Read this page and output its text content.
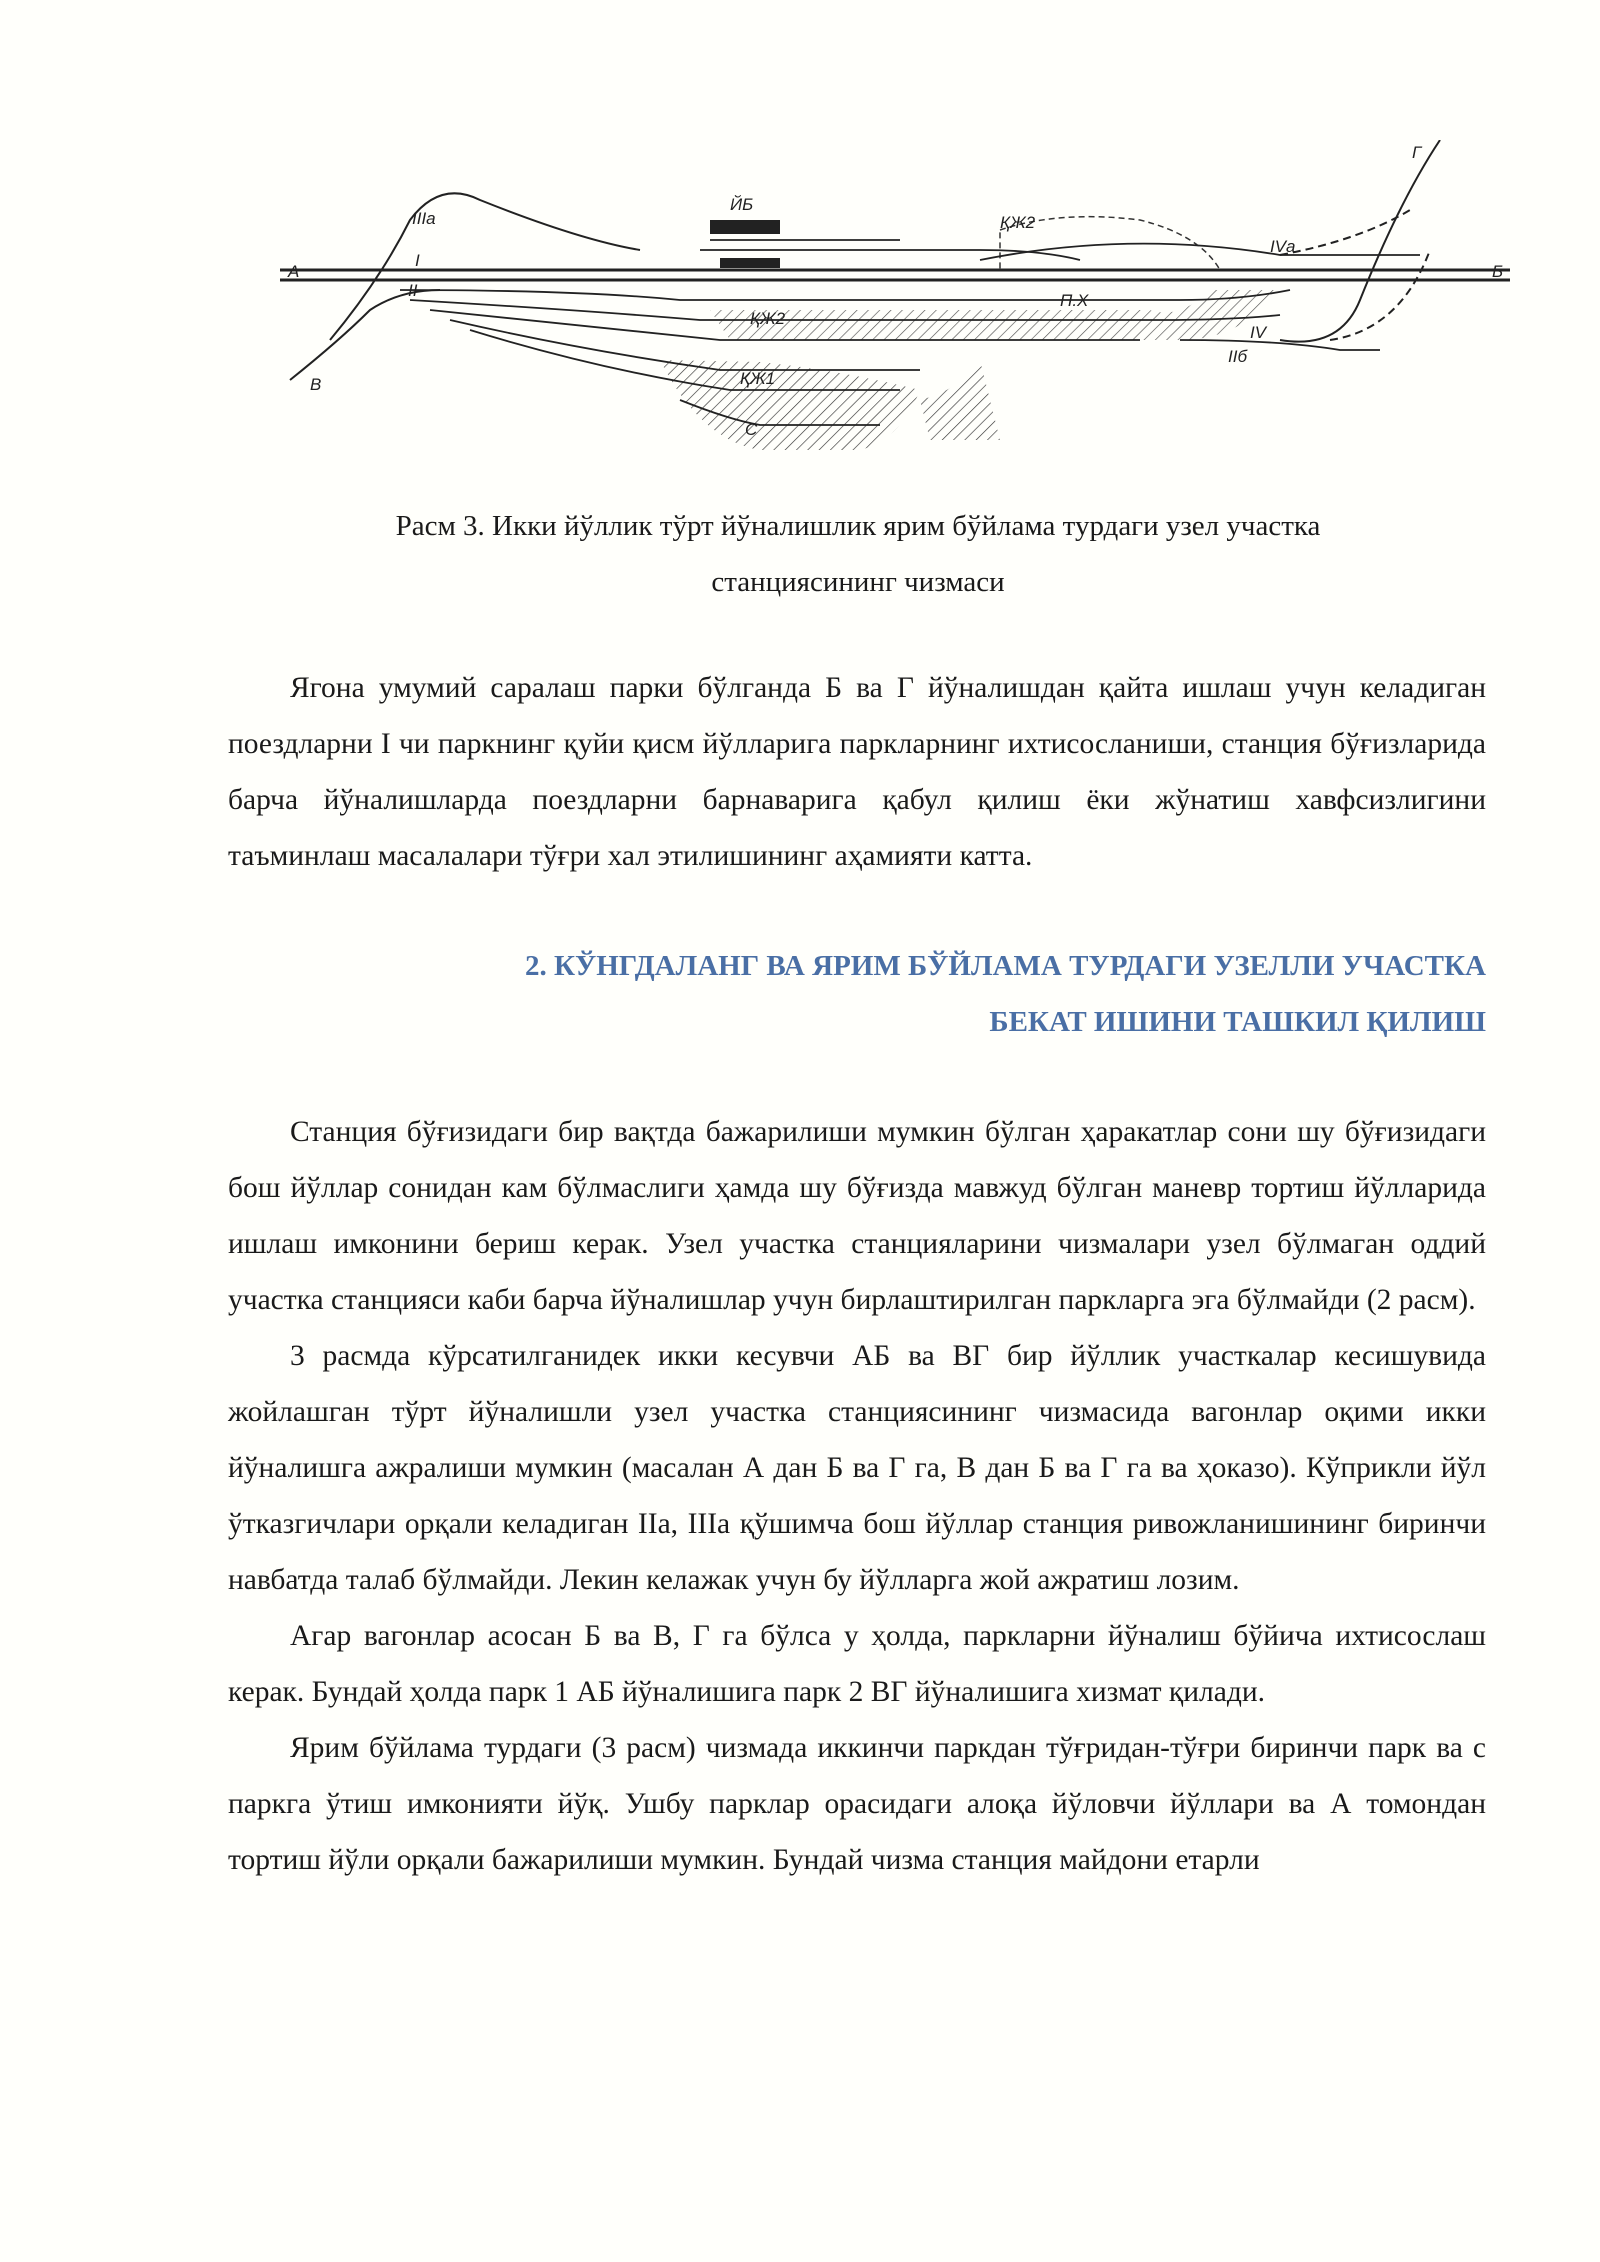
ЙБ
А	Б
В
Г
IIIа
I
II
IVа
IV
IIб
ҚЖ2
ҚЖ2
ҚЖ1
С
П.Х
Расм 3. Икки йўллик тўрт йўналишлик ярим бўйлама турдаги узел участка
станциясининг чизмаси

Ягона умумий саралаш парки бўлганда Б ва Г йўналишдан қайта ишлаш учун келадиган поездларни I чи паркнинг қуйи қисм йўлларига паркларнинг ихтисосланиши, станция бўғизларида барча йўналишларда поездларни барнаварига қабул қилиш ёки жўнатиш хавфсизлигини таъминлаш масалалари тўғри хал этилишининг аҳамияти катта.

2. КЎНГДАЛАНГ ВА ЯРИМ БЎЙЛАМА ТУРДАГИ УЗЕЛЛИ УЧАСТКА
БЕКАТ ИШИНИ ТАШКИЛ ҚИЛИШ

Станция бўғизидаги бир вақтда бажарилиши мумкин бўлган ҳаракатлар сони шу бўғизидаги бош йўллар сонидан кам бўлмаслиги ҳамда шу бўғизда мавжуд бўлган маневр тортиш йўлларида ишлаш имконини бериш керак. Узел участка станцияларини чизмалари узел бўлмаган оддий участка станцияси каби барча йўналишлар учун бирлаштирилган паркларга эга бўлмайди (2 расм).

3 расмда кўрсатилганидек икки кесувчи АБ ва ВГ бир йўллик участкалар кесишувида жойлашган тўрт йўналишли узел участка станциясининг чизмасида вагонлар оқими икки йўналишга ажралиши мумкин (масалан А дан Б ва Г га, В дан Б ва Г га ва ҳоказо). Кўприкли йўл ўтказгичлари орқали келадиган IIа, IIIа қўшимча бош йўллар станция ривожланишининг биринчи навбатда талаб бўлмайди. Лекин келажак учун бу йўлларга жой ажратиш лозим.

Агар вагонлар асосан Б ва В, Г га бўлса у ҳолда, паркларни йўналиш бўйича ихтисослаш керак. Бундай ҳолда парк 1 АБ йўналишига парк 2 ВГ йўналишига хизмат қилади.

Ярим бўйлама турдаги (3 расм) чизмада иккинчи паркдан тўғридан-тўғри биринчи парк ва с паркга ўтиш имконияти йўқ. Ушбу парклар орасидаги алоқа йўловчи йўллари ва А томондан тортиш йўли орқали бажарилиши мумкин. Бундай чизма станция майдони етарли
